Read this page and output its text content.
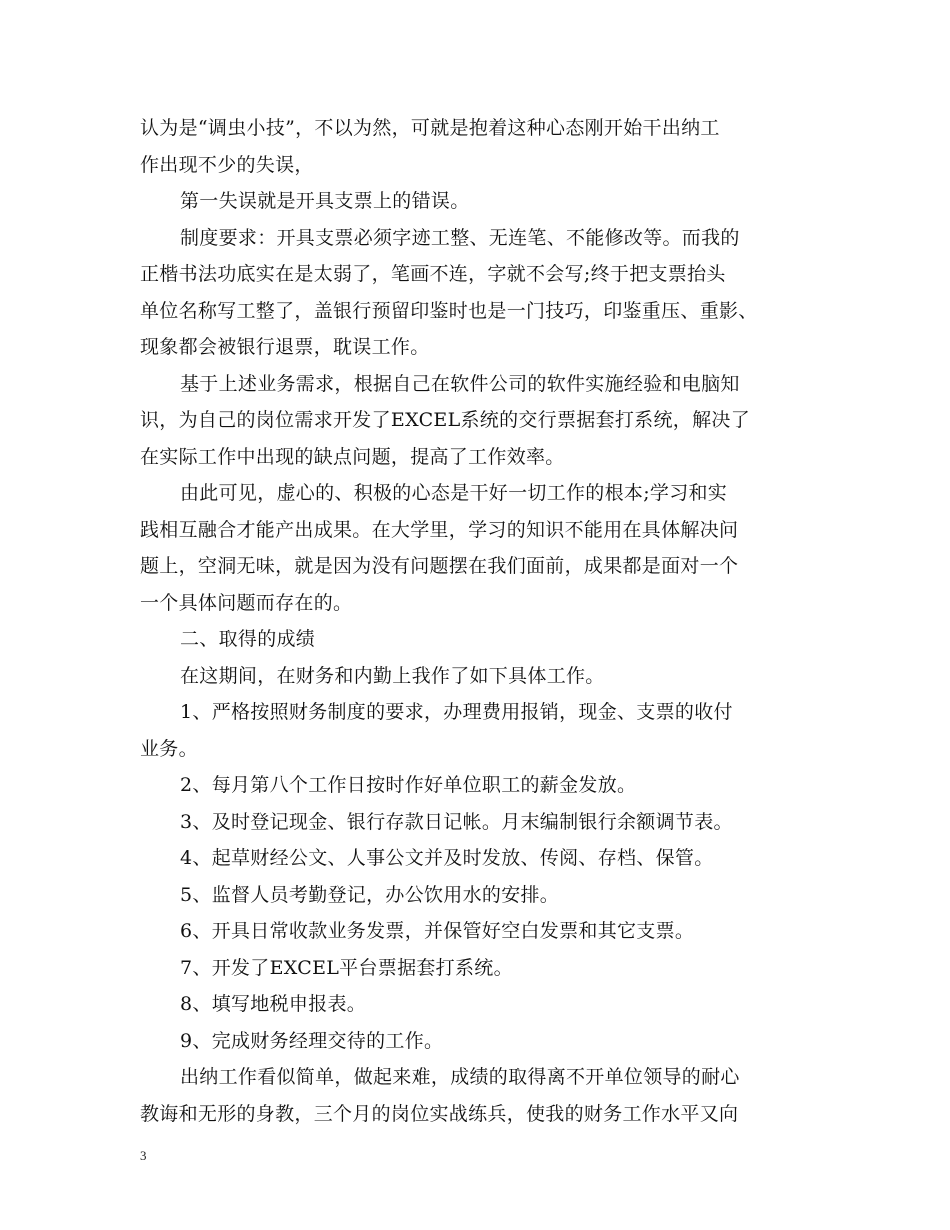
认为是“调虫小技”，不以为然，可就是抱着这种心态刚开始干出纳工
作出现不少的失误，
第一失误就是开具支票上的错误。
制度要求：开具支票必须字迹工整、无连笔、不能修改等。而我的
正楷书法功底实在是太弱了，笔画不连，字就不会写;终于把支票抬头
单位名称写工整了，盖银行预留印鉴时也是一门技巧，印鉴重压、重影、
现象都会被银行退票，耽误工作。
基于上述业务需求，根据自己在软件公司的软件实施经验和电脑知
识，为自己的岗位需求开发了EXCEL系统的交行票据套打系统，解决了
在实际工作中出现的缺点问题，提高了工作效率。
由此可见，虚心的、积极的心态是干好一切工作的根本;学习和实
践相互融合才能产出成果。在大学里，学习的知识不能用在具体解决问
题上，空洞无味，就是因为没有问题摆在我们面前，成果都是面对一个
一个具体问题而存在的。
二、取得的成绩
在这期间，在财务和内勤上我作了如下具体工作。
1、严格按照财务制度的要求，办理费用报销，现金、支票的收付
业务。
2、每月第八个工作日按时作好单位职工的薪金发放。
3、及时登记现金、银行存款日记帐。月末编制银行余额调节表。
4、起草财经公文、人事公文并及时发放、传阅、存档、保管。
5、监督人员考勤登记，办公饮用水的安排。
6、开具日常收款业务发票，并保管好空白发票和其它支票。
7、开发了EXCEL平台票据套打系统。
8、填写地税申报表。
9、完成财务经理交待的工作。
出纳工作看似简单，做起来难，成绩的取得离不开单位领导的耐心
教诲和无形的身教，三个月的岗位实战练兵，使我的财务工作水平又向
3
